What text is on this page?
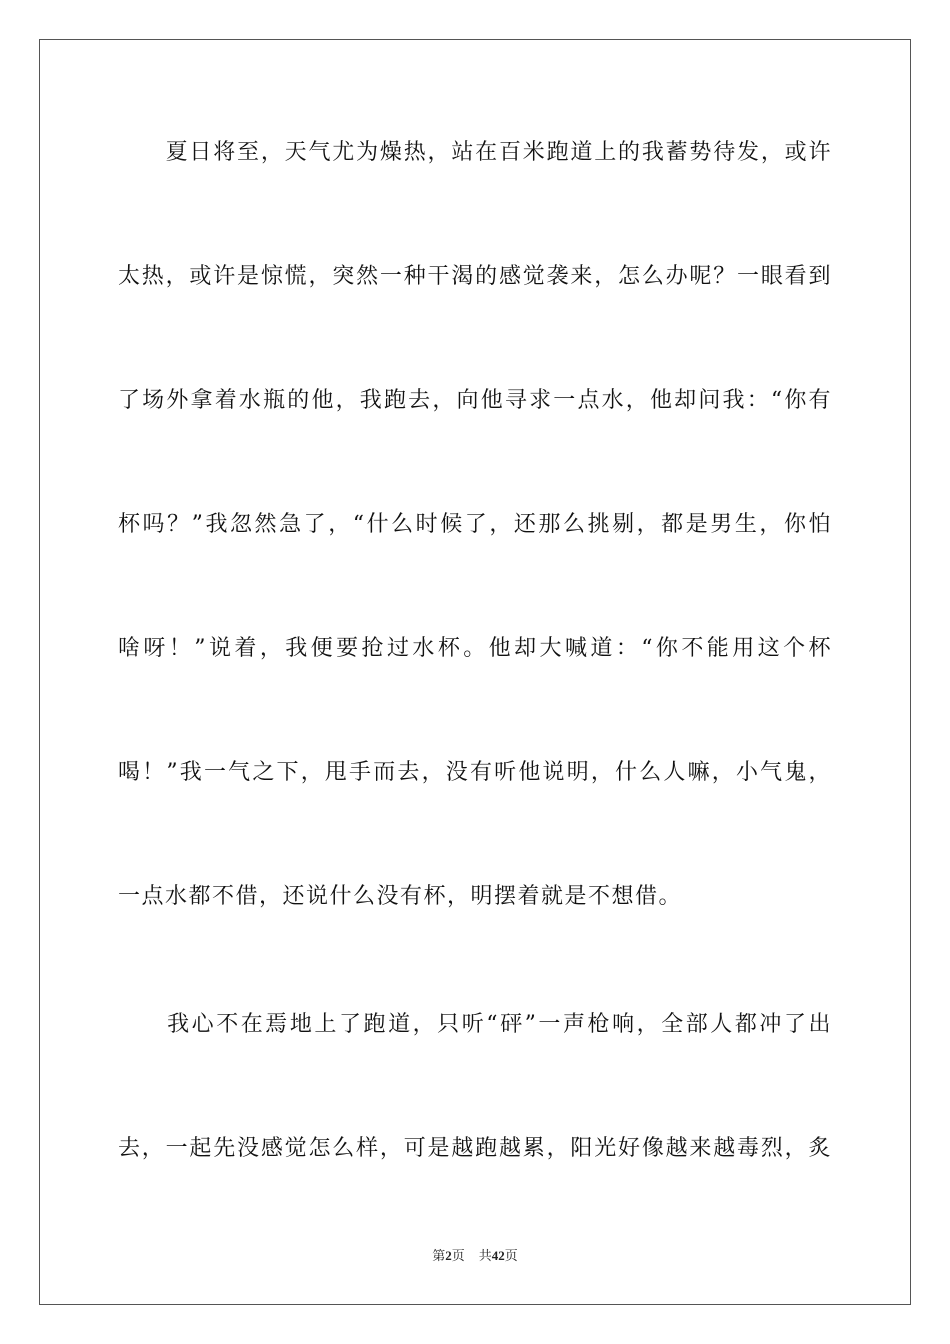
　　夏日将至，天气尤为燥热，站在百米跑道上的我蓄势待发，或许
太热，或许是惊慌，突然一种干渴的感觉袭来，怎么办呢？一眼看到
了场外拿着水瓶的他，我跑去，向他寻求一点水，他却问我：“你有
杯吗？”我忽然急了，“什么时候了，还那么挑剔，都是男生，你怕
啥呀！”说着，我便要抢过水杯。他却大喊道：“你不能用这个杯
喝！”我一气之下，甩手而去，没有听他说明，什么人嘛，小气鬼，
一点水都不借，还说什么没有杯，明摆着就是不想借。
　　我心不在焉地上了跑道，只听“砰”一声枪响，全部人都冲了出
去，一起先没感觉怎么样，可是越跑越累，阳光好像越来越毒烈，炙
第2页 共42页
